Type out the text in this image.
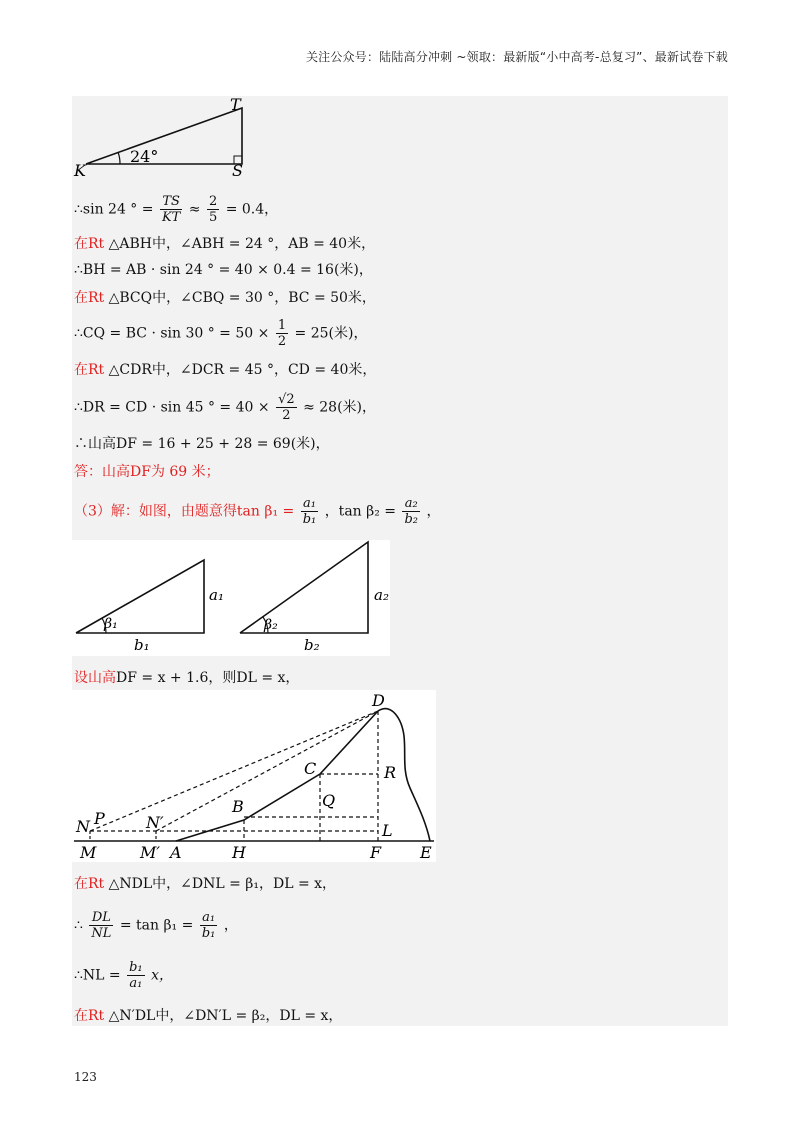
关注公众号：陆陆高分冲刺 ~领取：最新版“小中高考-总复习”、最新试卷下载
T
K	S
24°
∴sin 24 ° = $\frac{TS}{KT} \approx \frac{2}{5} = 0.4$，
在Rt △ABH中，∠ABH = 24 °，AB = 40米，
∴BH = AB · sin 24 ° = 40 × 0.4 = 16(米)，
在Rt △BCQ中，∠CBQ = 30 °，BC = 50米，
∴CQ = BC · sin 30 ° = $50 \times \frac{1}{2} = 25$(米)，
在Rt △CDR中，∠DCR = 45 °，CD = 40米，
∴DR = CD · sin 45 ° = $40 \times \frac{√2}{2} \approx 28$(米)，
∴山高DF = 16 + 25 + 28 = 69(米)，
答：山高DF为 69 米；
（3）解：如图，由题意得$\tan \beta_1 = \frac{\text{a₁}}{\text{b₁}}$ ，$\tan \beta_2 = \frac{\text{a₂}}{\text{b₂}}$ ，
a₁
b₁
β₁
a₂
b₂
β₂
设山高DF = x + 1.6，则DL = x，
D
C	R
Q
B
N P	N′	L
M	M′ A	H	F E
在Rt △NDL中，∠DNL = β₁，DL = x，
∴ $\frac{DL}{NL} = \tan \beta_1 = \frac{\text{a₁}}{\text{b₁}}$ ，
∴NL = $\frac{\text{b₁}}{\text{a₁}}$ x，
在Rt △N′DL中，∠DN′L = β₂，DL = x，
123
